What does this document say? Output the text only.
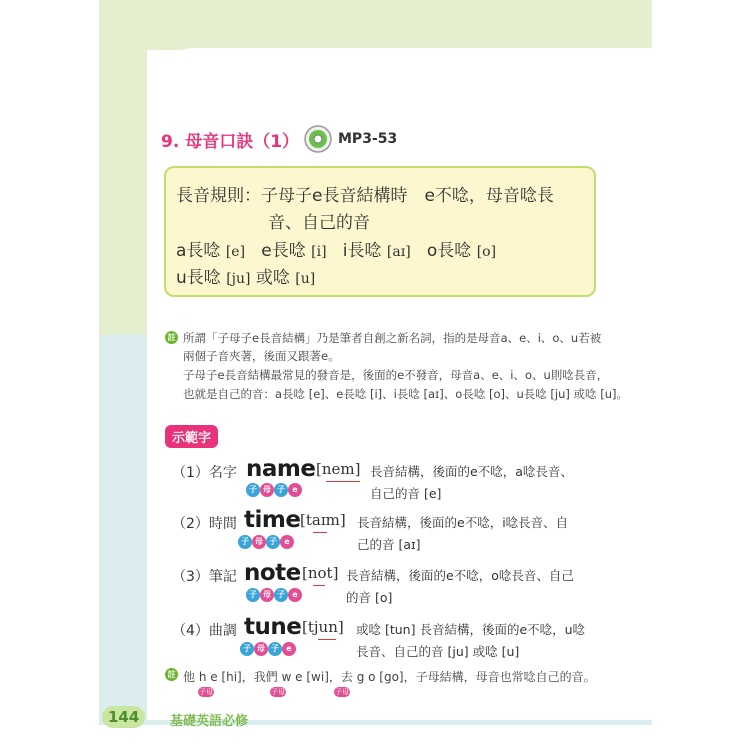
9. 母音口訣（1）	MP3-53
長音規則：子母子e長音結構時　e不唸，母音唸長
音、自己的音
a長唸 [e] e長唸 [i] i長唸 [aɪ] o長唸 [o]
u長唸 [ju] 或唸 [u]
註 所謂「子母子e長音結構」乃是筆者自創之新名詞，指的是母音a、e、i、o、u若被
兩個子音夾著，後面又跟著e。
子母子e長音結構最常見的發音是，後面的e不發音，母音a、e、i、o、u則唸長音，
也就是自己的音：a長唸 [e]、e長唸 [i]、i長唸 [aɪ]、o長唸 [o]、u長唸 [ju] 或唸 [u]。
示範字
（1）名字 name [nem] 長音結構，後面的e不唸，a唸長音、
自己的音 [e]
子 母 子 e
（2）時間 time [taɪm] 長音結構，後面的e不唸，i唸長音、自
己的音 [aɪ]
子 母 子 e
（3）筆記 note [not] 長音結構，後面的e不唸，o唸長音、自己
的音 [o]
子 母 子 e
（4）曲調 tune [tjun] 或唸 [tun] 長音結構，後面的e不唸，u唸
長音、自己的音 [ju] 或唸 [u]
子 母 子 e
註 他 h e [hi]，我們 w e [wi]，去 g o [go]，子母結構，母音也常唸自己的音。
子母	子母	子母
144	基礎英語必修
